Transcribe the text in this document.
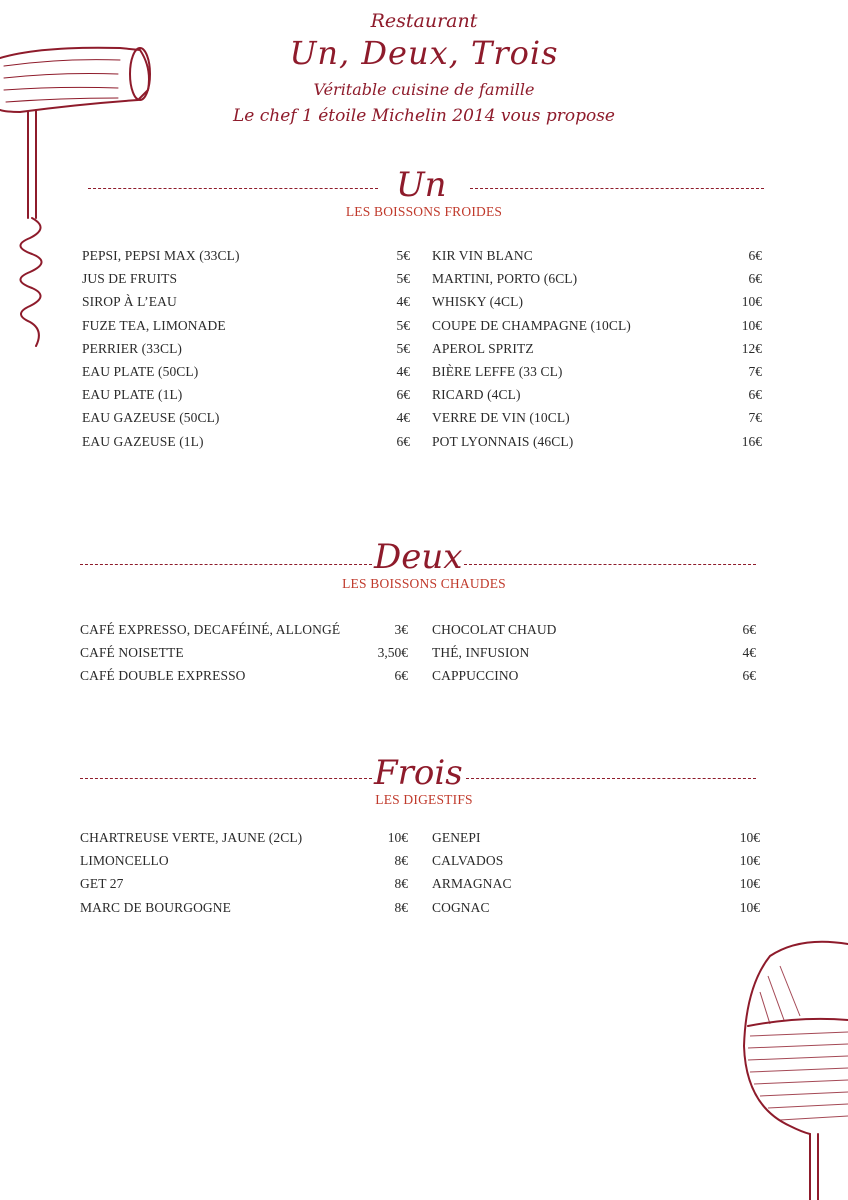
Restaurant
Un, Deux, Trois
Véritable cuisine de famille
Le chef 1 étoile Michelin 2014 vous propose
Un
LES BOISSONS FROIDES
PEPSI, PEPSI MAX (33CL)	5€
JUS DE FRUITS	5€
SIROP À L’EAU	4€
FUZE TEA, LIMONADE	5€
PERRIER (33CL)	5€
EAU PLATE (50CL)	4€
EAU PLATE (1L)	6€
EAU GAZEUSE (50CL)	4€
EAU GAZEUSE (1L)	6€
KIR VIN BLANC	6€
MARTINI, PORTO (6CL)	6€
WHISKY (4CL)	10€
COUPE DE CHAMPAGNE (10CL)	10€
APEROL SPRITZ	12€
BIÈRE LEFFE (33 CL)	7€
RICARD (4CL)	6€
VERRE DE VIN (10CL)	7€
POT LYONNAIS (46CL)	16€
Deux
LES BOISSONS CHAUDES
CAFÉ EXPRESSO, DECAFÉINÉ, ALLONGÉ	3€
CAFÉ NOISETTE	3,50€
CAFÉ DOUBLE EXPRESSO	6€
CHOCOLAT CHAUD	6€
THÉ, INFUSION	4€
CAPPUCCINO	6€
Frois
LES DIGESTIFS
CHARTREUSE VERTE, JAUNE (2CL)	10€
LIMONCELLO	8€
GET 27	8€
MARC DE BOURGOGNE	8€
GENEPI	10€
CALVADOS	10€
ARMAGNAC	10€
COGNAC	10€
